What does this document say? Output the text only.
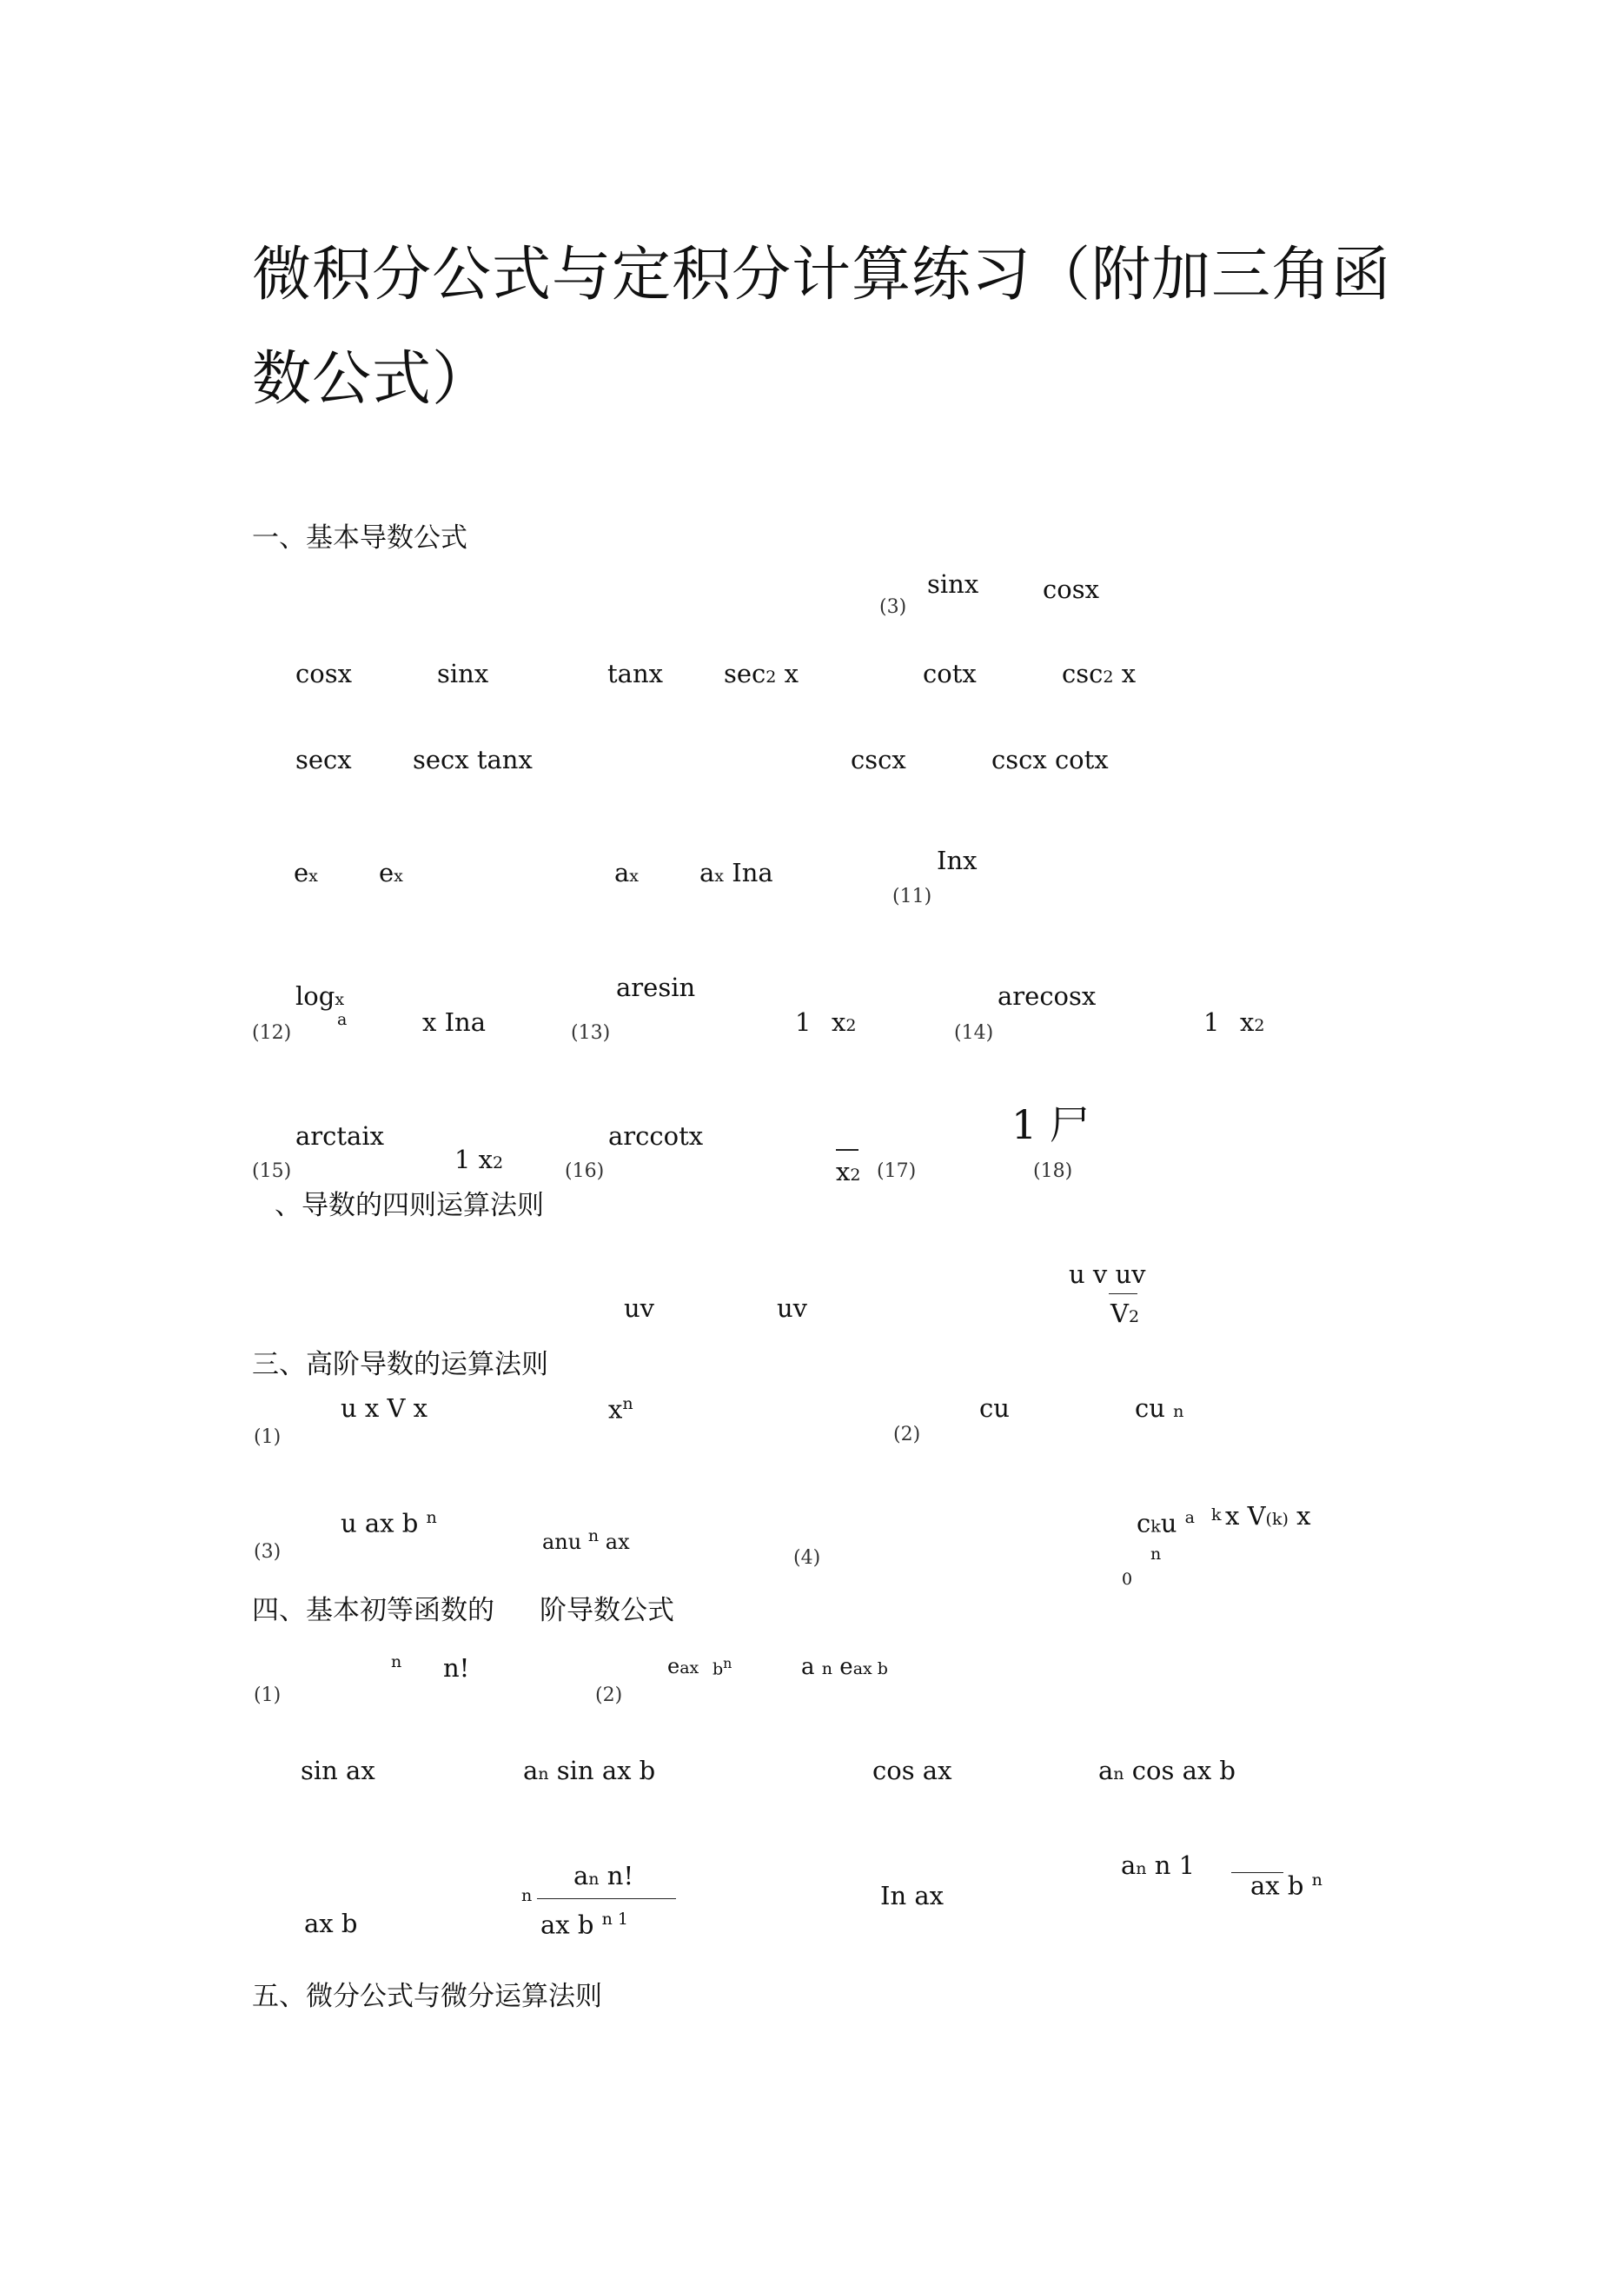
微积分公式与定积分计算练习（附加三角函
数公式）
一、基本导数公式
(3)
sinx	cosx
cosx	sinx	tanx sec2 x	cotx	csc2 x
secx secx tanx	cscx	cscx cotx
ex ex	ax ax Ina	Inx
(11)
logx
a
(12)	x Ina	(13)
aresin
1 x2	(14)
arecosx
1 x2
arctaix
(15)	1 x2	(16)
arccotx
x2 (17)
1 尸
(18)
、导数的四则运算法则
uv	uv
u v uv
V2
三、高阶导数的运算法则
(1)
u x V x	$x^n$
(2)
cu	cu n
(3)
u ax b $^n$
anu $^n$ ax
(4)
cku $^a$ k x V(k) x
n
0
四、基本初等函数的 阶导数公式
(1)
n n!
(2)
eax $b^n$	a n eax b
sin ax	an sin ax b	cos ax	an cos ax b
ax b
n
an n!
ax b $^{n 1}$
In ax
an n 1
ax b $^n$
五、微分公式与微分运算法则
